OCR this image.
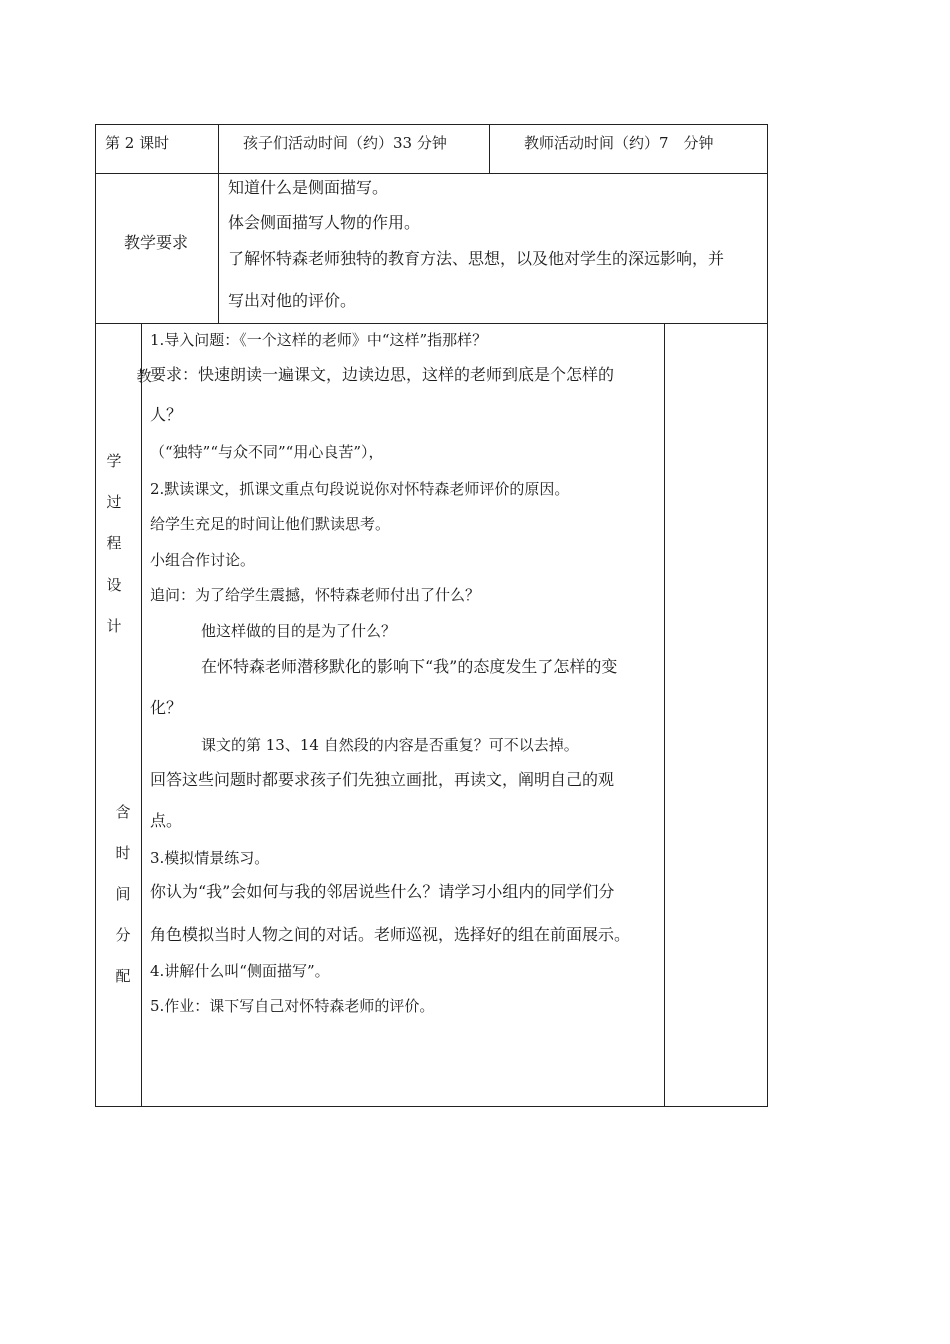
第 2 课时	孩子们活动时间（约）33 分钟	教师活动时间（约）7　分钟
教学要求
知道什么是侧面描写。
体会侧面描写人物的作用。
了解怀特森老师独特的教育方法、思想，以及他对学生的深远影响，并
写出对他的评价。
教
学
过
程
设
计
含
时
间
分
配
1.导入问题：《一个这样的老师》中“这样”指那样？
要求：快速朗读一遍课文，边读边思，这样的老师到底是个怎样的
人？
（“独特”“与众不同”“用心良苦”），
2.默读课文，抓课文重点句段说说你对怀特森老师评价的原因。
给学生充足的时间让他们默读思考。
小组合作讨论。
追问：为了给学生震撼，怀特森老师付出了什么？
他这样做的目的是为了什么？
在怀特森老师潜移默化的影响下“我”的态度发生了怎样的变
化？
课文的第 13、14 自然段的内容是否重复？可不以去掉。
回答这些问题时都要求孩子们先独立画批，再读文，阐明自己的观
点。
3.模拟情景练习。
你认为“我”会如何与我的邻居说些什么？请学习小组内的同学们分
角色模拟当时人物之间的对话。老师巡视，选择好的组在前面展示。
4.讲解什么叫“侧面描写”。
5.作业：课下写自己对怀特森老师的评价。
